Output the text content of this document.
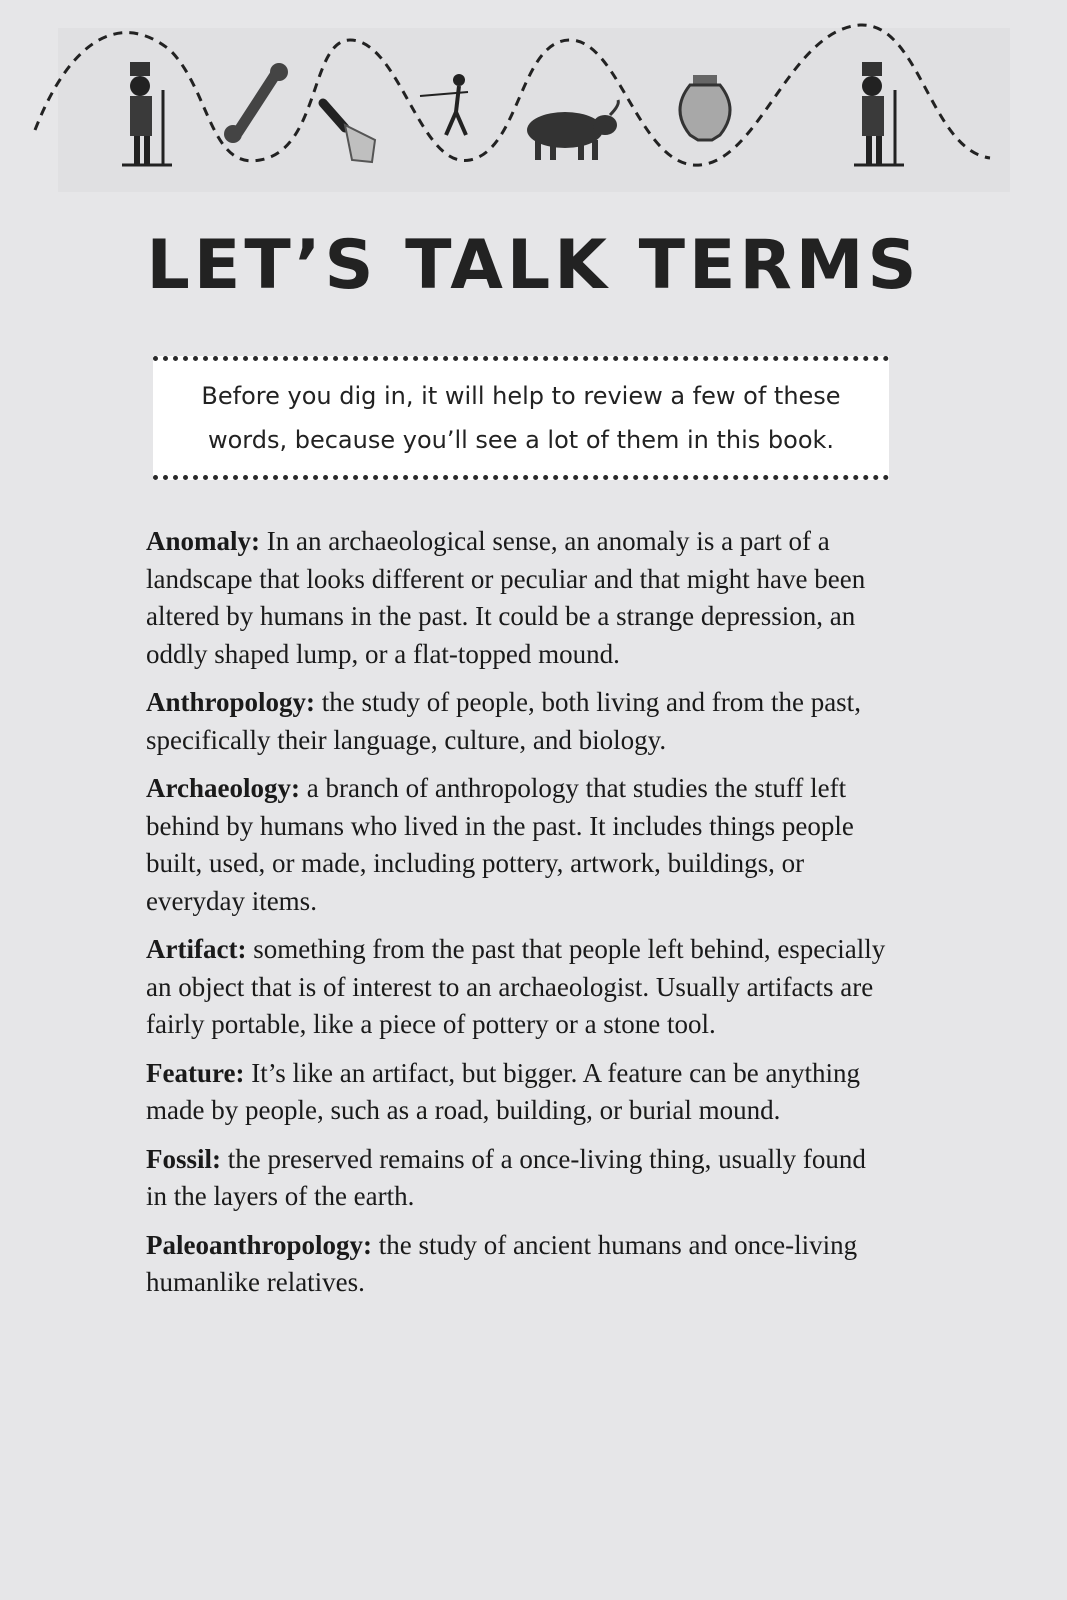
LET’S TALK TERMS

Before you dig in, it will help to review a few of these words, because you’ll see a lot of them in this book.

Anomaly: In an archaeological sense, an anomaly is a part of a landscape that looks different or peculiar and that might have been altered by humans in the past. It could be a strange depression, an oddly shaped lump, or a flat-topped mound.

Anthropology: the study of people, both living and from the past, specifically their language, culture, and biology.

Archaeology: a branch of anthropology that studies the stuff left behind by humans who lived in the past. It includes things people built, used, or made, including pottery, artwork, buildings, or everyday items.

Artifact: something from the past that people left behind, especially an object that is of interest to an archaeologist. Usually artifacts are fairly portable, like a piece of pottery or a stone tool.

Feature: It’s like an artifact, but bigger. A feature can be anything made by people, such as a road, building, or burial mound.

Fossil: the preserved remains of a once-living thing, usually found in the layers of the earth.

Paleoanthropology: the study of ancient humans and once-living humanlike relatives.
